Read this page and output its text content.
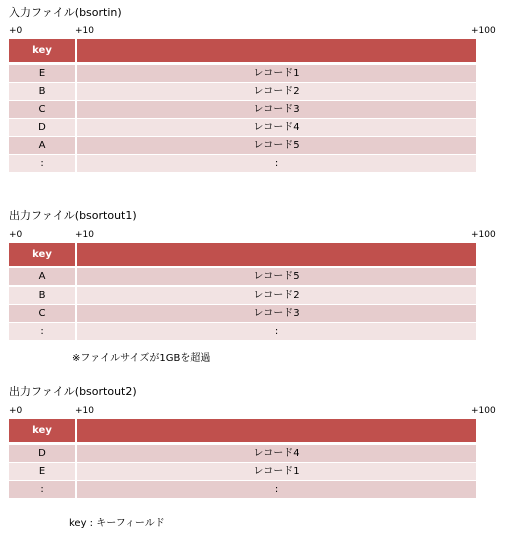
入力ファイル(bsortin)
+0	+10	+100
key
E	レコード1
B	レコード2
C	レコード3
D	レコード4
A	レコード5
:	:
出力ファイル(bsortout1)
+0	+10	+100
key
A	レコード5
B	レコード2
C	レコード3
:	:
※ファイルサイズが1GBを超過
出力ファイル(bsortout2)
+0	+10	+100
key
D	レコード4
E	レコード1
:	:
key : キーフィールド
